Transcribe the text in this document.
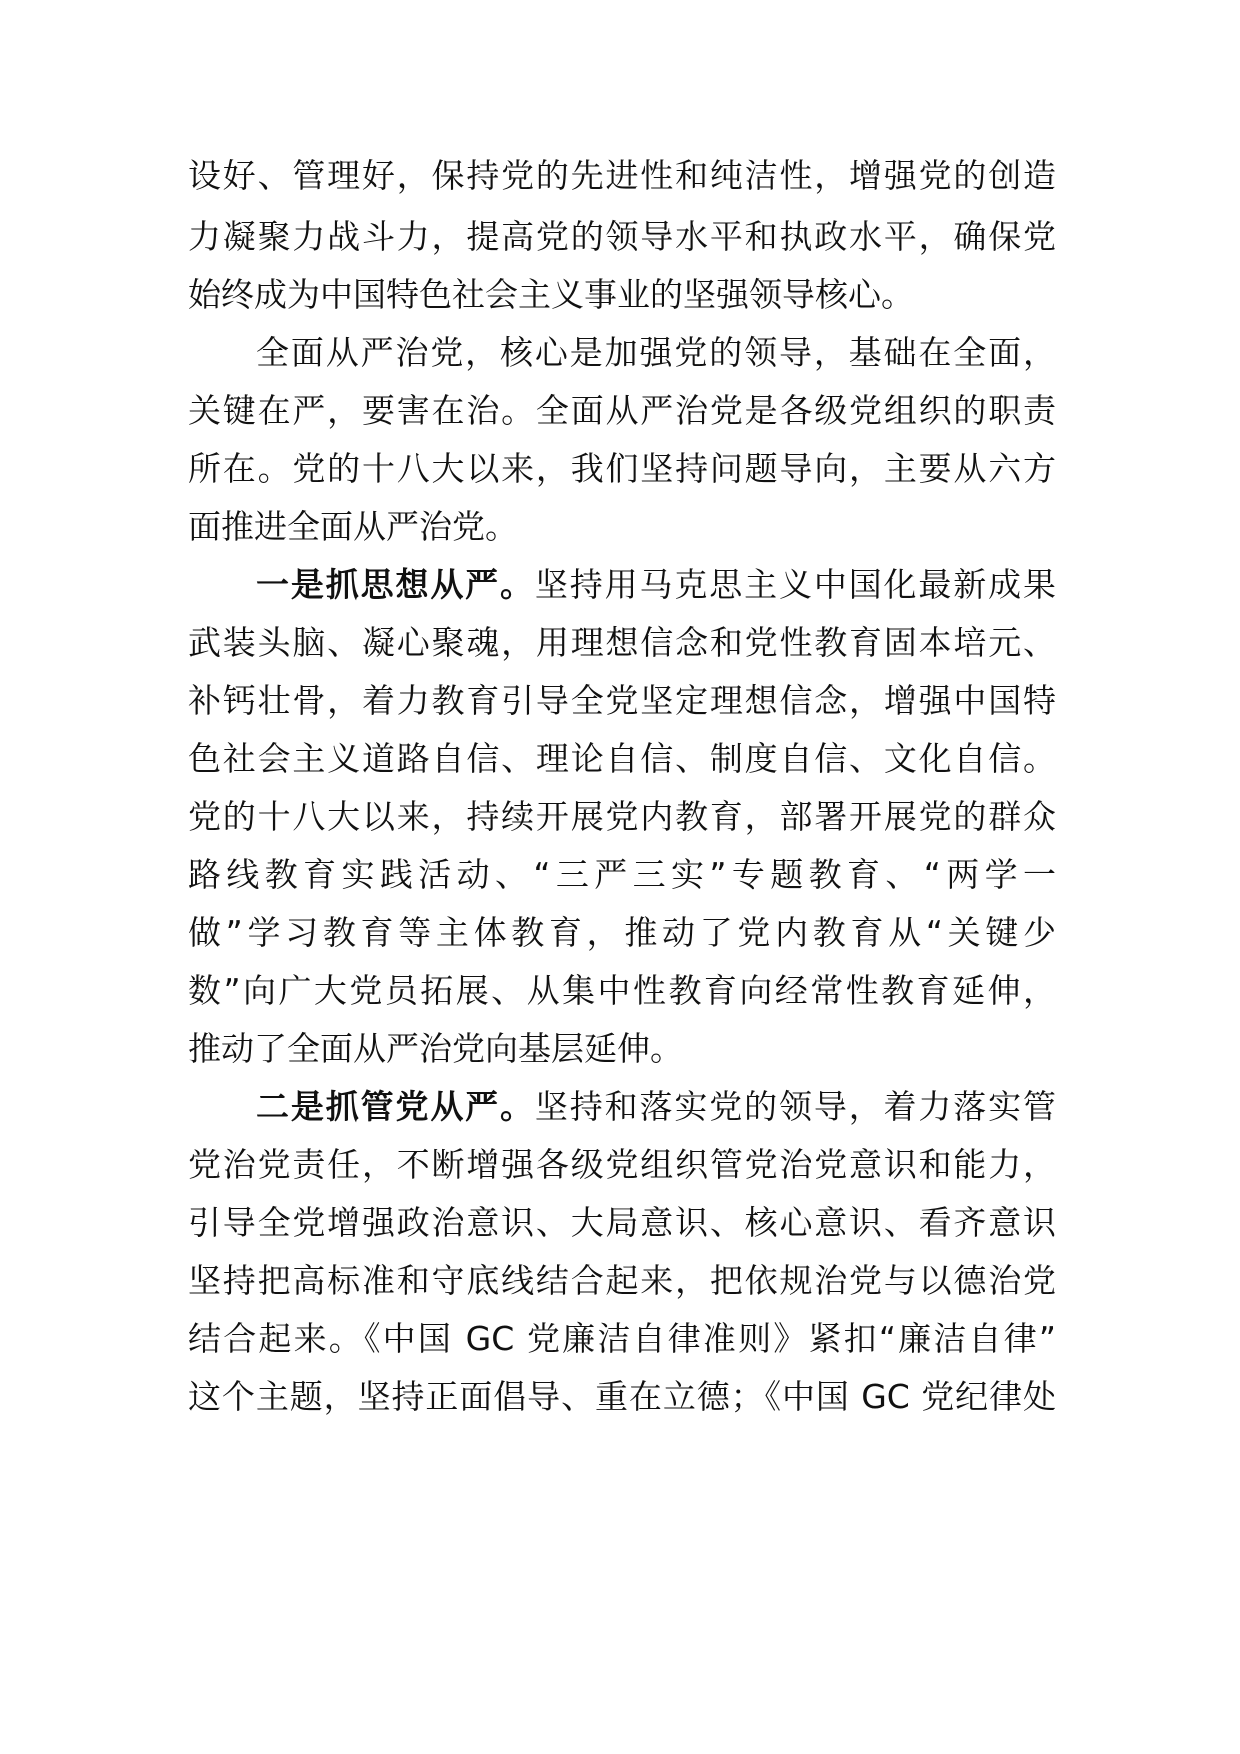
设好、管理好，保持党的先进性和纯洁性，增强党的创造
力凝聚力战斗力，提高党的领导水平和执政水平，确保党
始终成为中国特色社会主义事业的坚强领导核心。
全面从严治党，核心是加强党的领导，基础在全面，
关键在严，要害在治。全面从严治党是各级党组织的职责
所在。党的十八大以来，我们坚持问题导向，主要从六方
面推进全面从严治党。
一是抓思想从严。坚持用马克思主义中国化最新成果
武装头脑、凝心聚魂，用理想信念和党性教育固本培元、
补钙壮骨，着力教育引导全党坚定理想信念，增强中国特
色社会主义道路自信、理论自信、制度自信、文化自信。
党的十八大以来，持续开展党内教育，部署开展党的群众
路线教育实践活动、“三严三实”专题教育、“两学一
做”学习教育等主体教育，推动了党内教育从“关键少
数”向广大党员拓展、从集中性教育向经常性教育延伸，
推动了全面从严治党向基层延伸。
二是抓管党从严。坚持和落实党的领导，着力落实管
党治党责任，不断增强各级党组织管党治党意识和能力，
引导全党增强政治意识、大局意识、核心意识、看齐意识
坚持把高标准和守底线结合起来，把依规治党与以德治党
结合起来。《中国 GC 党廉洁自律准则》紧扣“廉洁自律”
这个主题，坚持正面倡导、重在立德；《中国 GC 党纪律处
